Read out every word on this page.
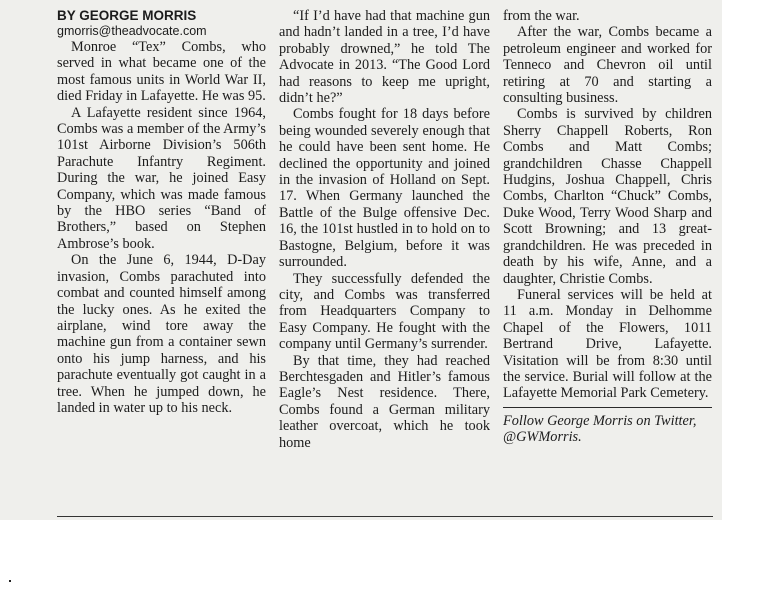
BY GEORGE MORRIS

gmorris@theadvocate.com

Monroe “Tex” Combs, who served in what became one of the most famous units in World War II, died Friday in Lafayette. He was 95.

A Lafayette resident since 1964, Combs was a member of the Army’s 101st Airborne Division’s 506th Parachute Infantry Regiment. During the war, he joined Easy Company, which was made famous by the HBO series “Band of Brothers,” based on Stephen Ambrose’s book.

On the June 6, 1944, D-Day invasion, Combs parachuted into combat and counted himself among the lucky ones. As he exited the airplane, wind tore away the machine gun from a container sewn onto his jump harness, and his parachute eventually got caught in a tree. When he jumped down, he landed in water up to his neck.

“If I’d have had that machine gun and hadn’t landed in a tree, I’d have probably drowned,” he told The Advocate in 2013. “The Good Lord had reasons to keep me upright, didn’t he?”

Combs fought for 18 days before being wounded severely enough that he could have been sent home. He declined the opportunity and joined in the invasion of Holland on Sept. 17. When Germany launched the Battle of the Bulge offensive Dec. 16, the 101st hustled in to hold on to Bastogne, Belgium, before it was surrounded.

They successfully defended the city, and Combs was transferred from Headquarters Company to Easy Company. He fought with the company until Germany’s surrender.

By that time, they had reached Berchtesgaden and Hitler’s famous Eagle’s Nest residence. There, Combs found a German military leather overcoat, which he took home

from the war.

After the war, Combs became a petroleum engineer and worked for Tenneco and Chevron oil until retiring at 70 and starting a consulting business.

Combs is survived by children Sherry Chappell Roberts, Ron Combs and Matt Combs; grandchildren Chasse Chappell Hudgins, Joshua Chappell, Chris Combs, Charlton “Chuck” Combs, Duke Wood, Terry Wood Sharp and Scott Browning; and 13 great-grandchildren. He was preceded in death by his wife, Anne, and a daughter, Christie Combs.

Funeral services will be held at 11 a.m. Monday in Delhomme Chapel of the Flowers, 1011 Bertrand Drive, Lafayette. Visitation will be from 8:30 until the service. Burial will follow at the Lafayette Memorial Park Cemetery.

Follow George Morris on Twitter, @GWMorris.
